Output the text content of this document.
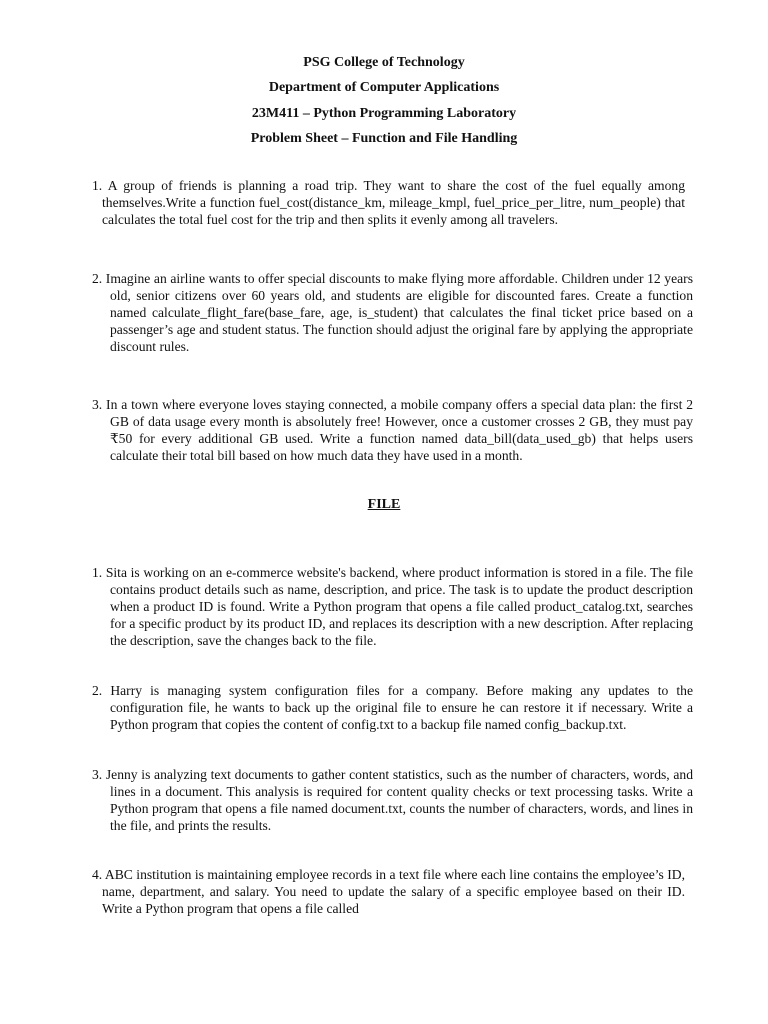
PSG College of Technology
Department of Computer Applications
23M411 – Python Programming Laboratory
Problem Sheet – Function and File Handling
1. A group of friends is planning a road trip. They want to share the cost of the fuel equally among themselves.Write a function fuel_cost(distance_km, mileage_kmpl, fuel_price_per_litre, num_people) that calculates the total fuel cost for the trip and then splits it evenly among all travelers.
2. Imagine an airline wants to offer special discounts to make flying more affordable. Children under 12 years old, senior citizens over 60 years old, and students are eligible for discounted fares. Create a function named calculate_flight_fare(base_fare, age, is_student) that calculates the final ticket price based on a passenger’s age and student status. The function should adjust the original fare by applying the appropriate discount rules.
3. In a town where everyone loves staying connected, a mobile company offers a special data plan: the first 2 GB of data usage every month is absolutely free! However, once a customer crosses 2 GB, they must pay ₹50 for every additional GB used. Write a function named data_bill(data_used_gb) that helps users calculate their total bill based on how much data they have used in a month.
FILE
1. Sita is working on an e-commerce website's backend, where product information is stored in a file. The file contains product details such as name, description, and price. The task is to update the product description when a product ID is found. Write a Python program that opens a file called product_catalog.txt, searches for a specific product by its product ID, and replaces its description with a new description. After replacing the description, save the changes back to the file.
2. Harry is managing system configuration files for a company. Before making any updates to the configuration file, he wants to back up the original file to ensure he can restore it if necessary. Write a Python program that copies the content of config.txt to a backup file named config_backup.txt.
3. Jenny is analyzing text documents to gather content statistics, such as the number of characters, words, and lines in a document. This analysis is required for content quality checks or text processing tasks. Write a Python program that opens a file named document.txt, counts the number of characters, words, and lines in the file, and prints the results.
4. ABC institution is maintaining employee records in a text file where each line contains the employee’s ID, name, department, and salary. You need to update the salary of a specific employee based on their ID. Write a Python program that opens a file called
